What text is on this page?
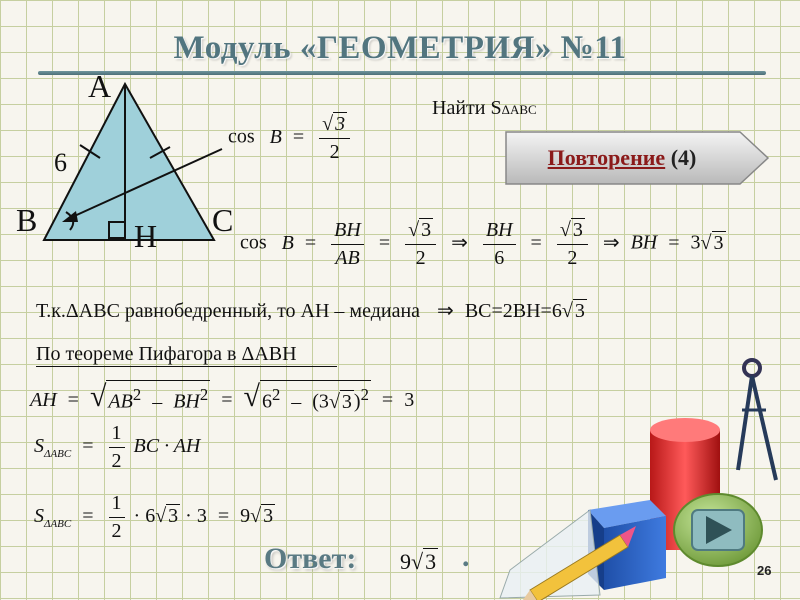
Модуль «ГЕОМЕТРИЯ» №11
A
B	C
H
6
Найти SΔABC
$\cos B = \frac{√ 3}{2}$	Повторение (4)
$\cos B = \frac{BH}{AB} = \frac{√ 3}{2}$ ⇒ $\frac{BH}{6} = \frac{√ 3}{2}$ ⇒ BH = 3 √ 3
Т.к.ΔABC равнобедренный, то AH – медиана ⇒ BC=2BH=6 √ 3
По теореме Пифагора в ΔABH
AH = √ $AB^2 - BH^2$ = √ $6^2 - (3$ √ 3 )$^2$ = 3
$S_{\Delta ABC} = \frac{1}{2}$ BC · AH
$S_{\Delta ABC} = \frac{1}{2} \cdot 6$ √ 3 · 3 = 9 √ 3
Ответ: 9 √ 3 .	26
